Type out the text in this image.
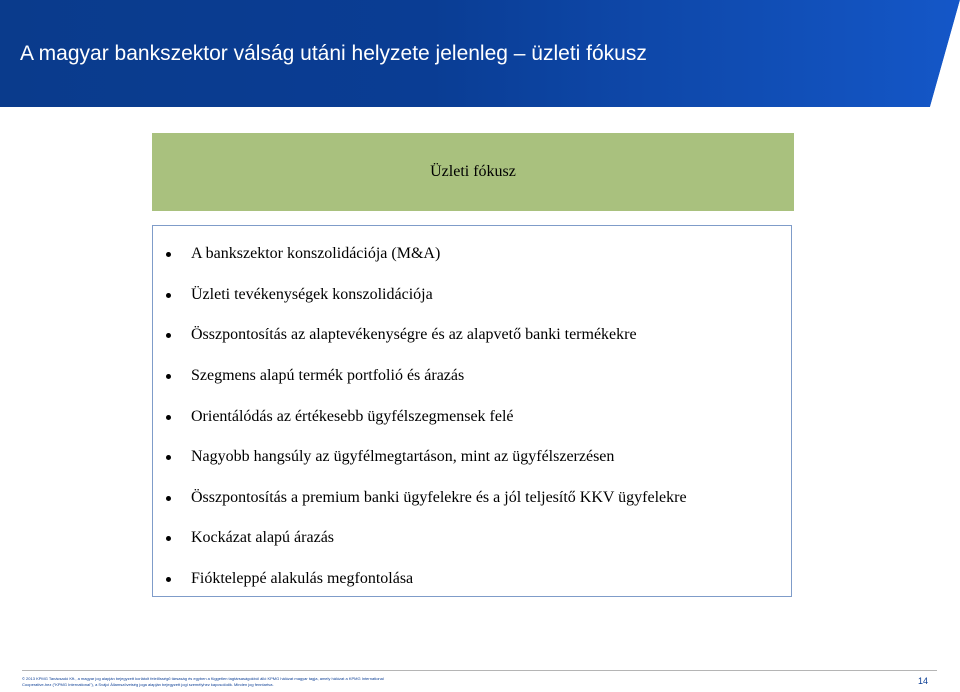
A magyar bankszektor válság utáni helyzete jelenleg – üzleti fókusz
Üzleti fókusz
A bankszektor konszolidációja (M&A)
Üzleti tevékenységek konszolidációja
Összpontosítás az alaptevékenységre és az alapvető banki termékekre
Szegmens alapú termék portfolió és árazás
Orientálódás az értékesebb ügyfélszegmensek felé
Nagyobb hangsúly az ügyfélmegtartáson, mint az ügyfélszerzésen
Összpontosítás a premium banki ügyfelekre és a jól teljesítő KKV ügyfelekre
Kockázat alapú árazás
Fiókteleppé alakulás megfontolása
© 2013 KPMG Tanácsadó Kft., a magyar jog alapján bejegyzett korlátolt felelősségű társaság és egyben a független tagtársaságokból álló KPMG hálózat magyar tagja, amely hálózat a KPMG International
Cooperative-hez ("KPMG International"), a Svájci Államszövetség joga alapján bejegyzett jogi személyhez kapcsolódik. Minden jog fenntartva.	14
